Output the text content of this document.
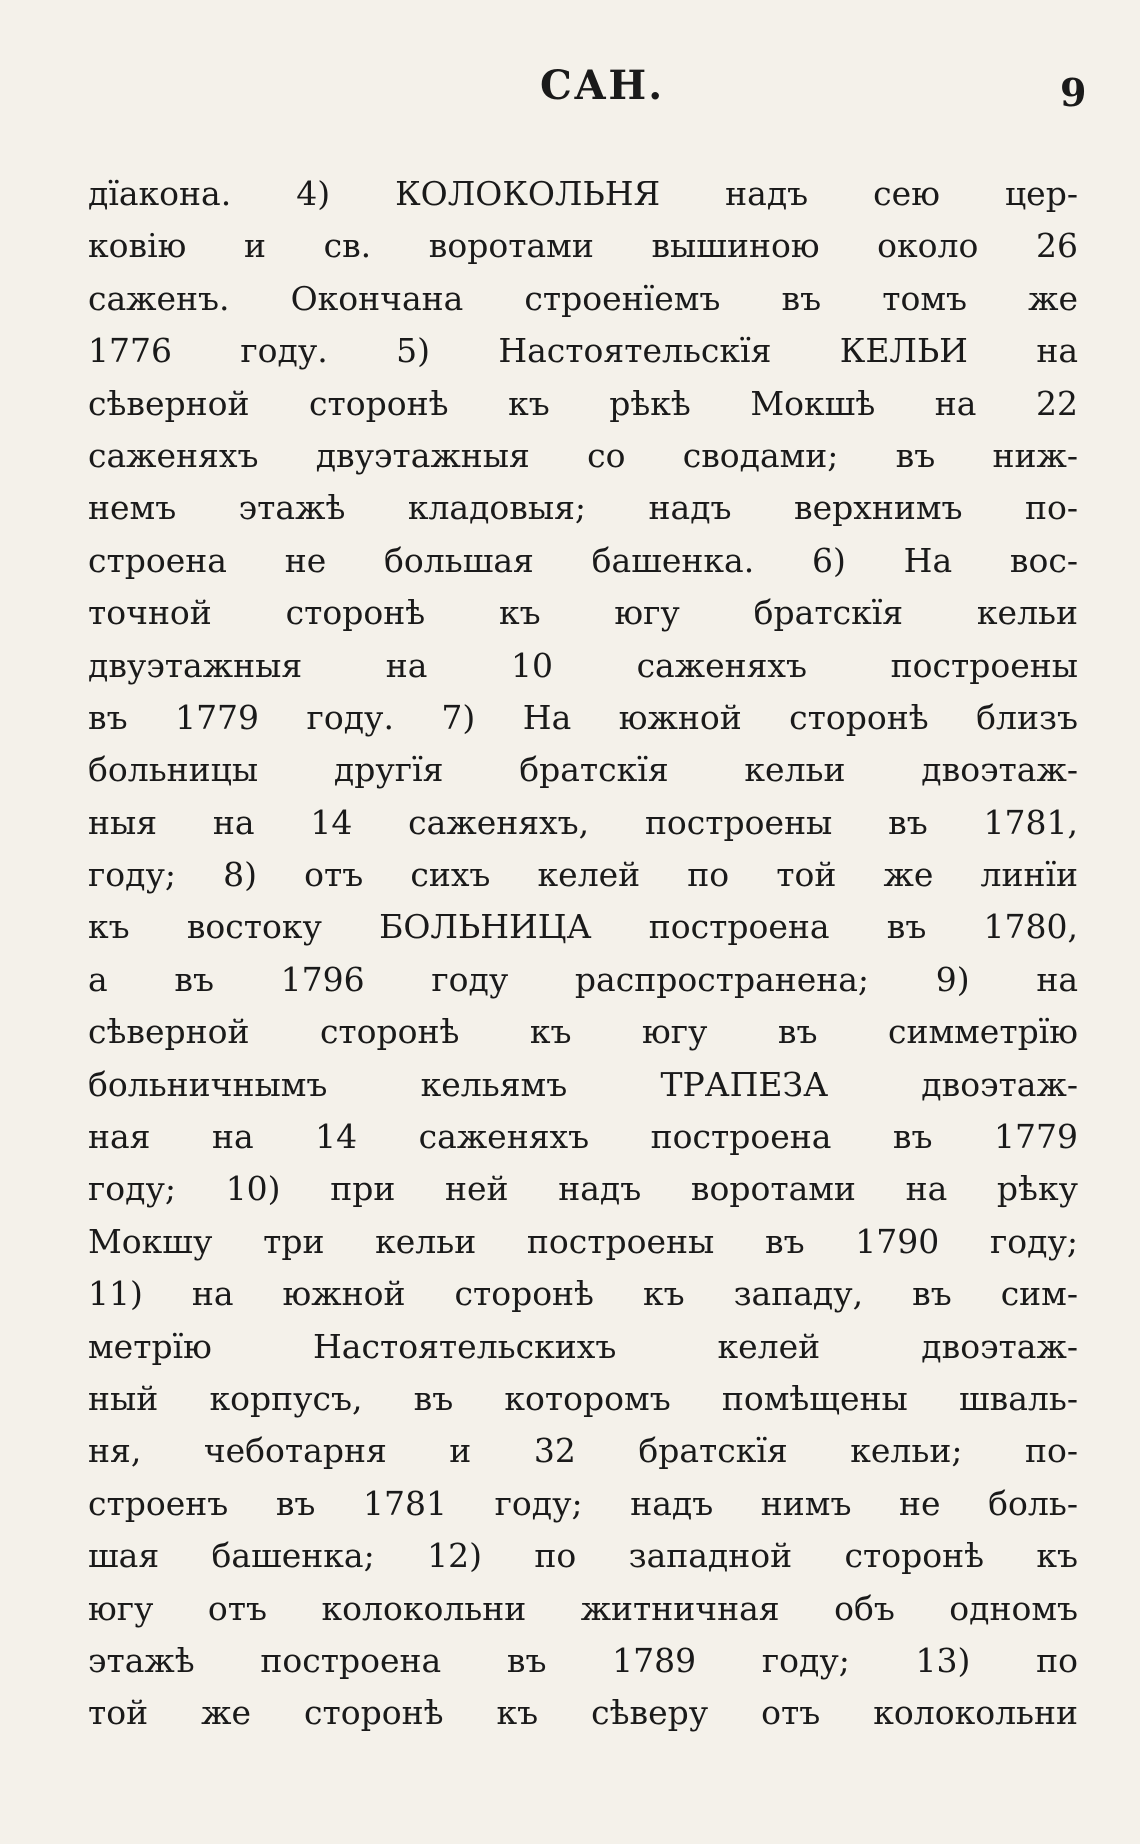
САН.	9
дїакона. 4) КОЛОКОЛЬНЯ надъ сею цер-
ковію и св. воротами вышиною около 26
саженъ. Окончана строенїемъ въ томъ же
1776 году. 5) Настоятельскїя КЕЛЬИ на
сѣверной сторонѣ къ рѣкѣ Мокшѣ на 22
саженяхъ двуэтажныя со сводами; въ ниж-
немъ этажѣ кладовыя; надъ верхнимъ по-
строена не большая башенка. 6) На вос-
точной сторонѣ къ югу братскїя кельи
двуэтажныя на 10 саженяхъ построены
въ 1779 году. 7) На южной сторонѣ близъ
больницы другїя братскїя кельи двоэтаж-
ныя на 14 саженяхъ, построены въ 1781,
году; 8) отъ сихъ келей по той же линїи
къ востоку БОЛЬНИЦА построена въ 1780,
а въ 1796 году распространена; 9) на
сѣверной сторонѣ къ югу въ симметрїю
больничнымъ кельямъ ТРАПЕЗА двоэтаж-
ная на 14 саженяхъ построена въ 1779
году; 10) при ней надъ воротами на рѣку
Мокшу три кельи построены въ 1790 году;
11) на южной сторонѣ къ западу, въ сим-
метрїю Настоятельскихъ келей двоэтаж-
ный корпусъ, въ которомъ помѣщены шваль-
ня, чеботарня и 32 братскїя кельи; по-
строенъ въ 1781 году; надъ нимъ не боль-
шая башенка; 12) по западной сторонѣ къ
югу отъ колокольни житничная объ одномъ
этажѣ построена въ 1789 году; 13) по
той же сторонѣ къ сѣверу отъ колокольни
